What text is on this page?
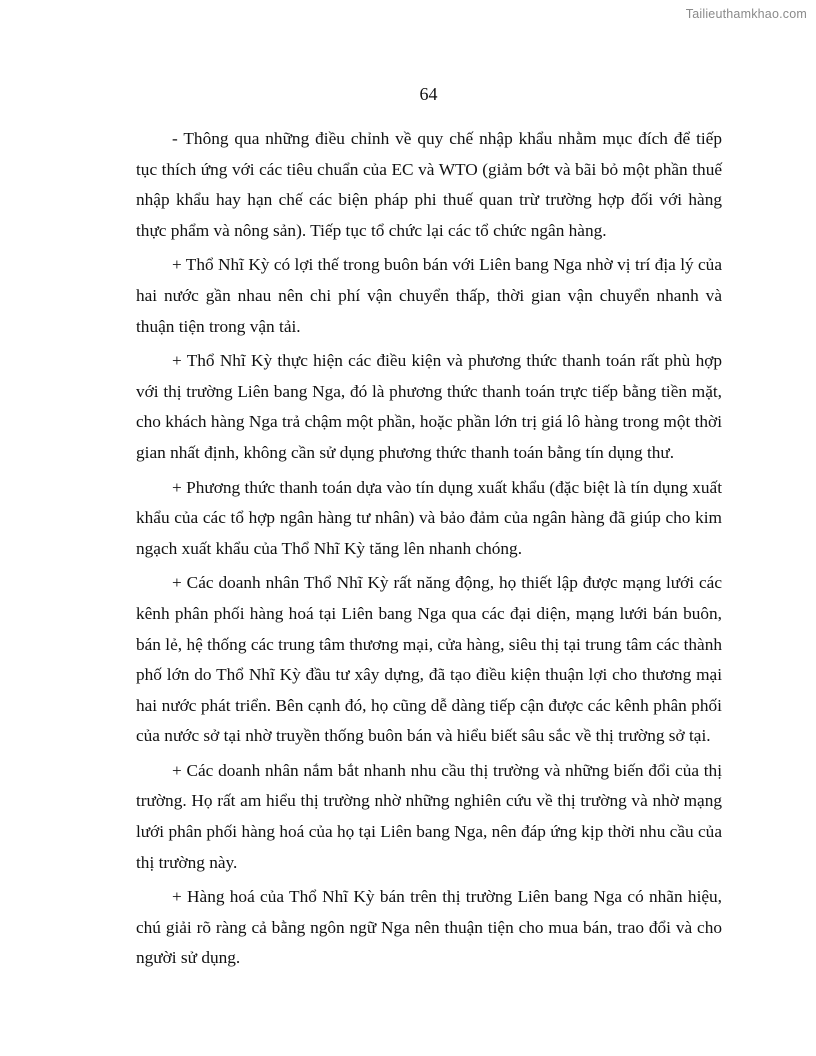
Tailieuthamkhao.com
64

- Thông qua những điều chỉnh về quy chế nhập khẩu nhằm mục đích để tiếp tục thích ứng với các tiêu chuẩn của EC và WTO (giảm bớt và bãi bỏ một phần thuế nhập khẩu hay hạn chế các biện pháp phi thuế quan trừ trường hợp đối với hàng thực phẩm và nông sản). Tiếp tục tổ chức lại các tổ chức ngân hàng.

+ Thổ Nhĩ Kỳ có lợi thế trong buôn bán với Liên bang Nga nhờ vị trí địa lý của hai nước gần nhau nên chi phí vận chuyển thấp, thời gian vận chuyển nhanh và thuận tiện trong vận tải.

+ Thổ Nhĩ Kỳ thực hiện các điều kiện và phương thức thanh toán rất phù hợp với thị trường Liên bang Nga, đó là phương thức thanh toán trực tiếp bằng tiền mặt, cho khách hàng Nga trả chậm một phần, hoặc phần lớn trị giá lô hàng trong một thời gian nhất định, không cần sử dụng phương thức thanh toán bằng tín dụng thư.

+ Phương thức thanh toán dựa vào tín dụng xuất khẩu (đặc biệt là tín dụng xuất khẩu của các tổ hợp ngân hàng tư nhân) và bảo đảm của ngân hàng đã giúp cho kim ngạch xuất khẩu của Thổ Nhĩ Kỳ tăng lên nhanh chóng.

+ Các doanh nhân Thổ Nhĩ Kỳ rất năng động, họ thiết lập được mạng lưới các kênh phân phối hàng hoá tại Liên bang Nga qua các đại diện, mạng lưới bán buôn, bán lẻ, hệ thống các trung tâm thương mại, cửa hàng, siêu thị tại trung tâm các thành phố lớn do Thổ Nhĩ Kỳ đầu tư xây dựng, đã tạo điều kiện thuận lợi cho thương mại hai nước phát triển. Bên cạnh đó, họ cũng dễ dàng tiếp cận được các kênh phân phối của nước sở tại nhờ truyền thống buôn bán và hiểu biết sâu sắc về thị trường sở tại.

+ Các doanh nhân nắm bắt nhanh nhu cầu thị trường và những biến đổi của thị trường. Họ rất am hiểu thị trường nhờ những nghiên cứu về thị trường và nhờ mạng lưới phân phối hàng hoá của họ tại Liên bang Nga, nên đáp ứng kịp thời nhu cầu của thị trường này.

+ Hàng hoá của Thổ Nhĩ Kỳ bán trên thị trường Liên bang Nga có nhãn hiệu, chú giải rõ ràng cả bằng ngôn ngữ Nga nên thuận tiện cho mua bán, trao đổi và cho người sử dụng.
